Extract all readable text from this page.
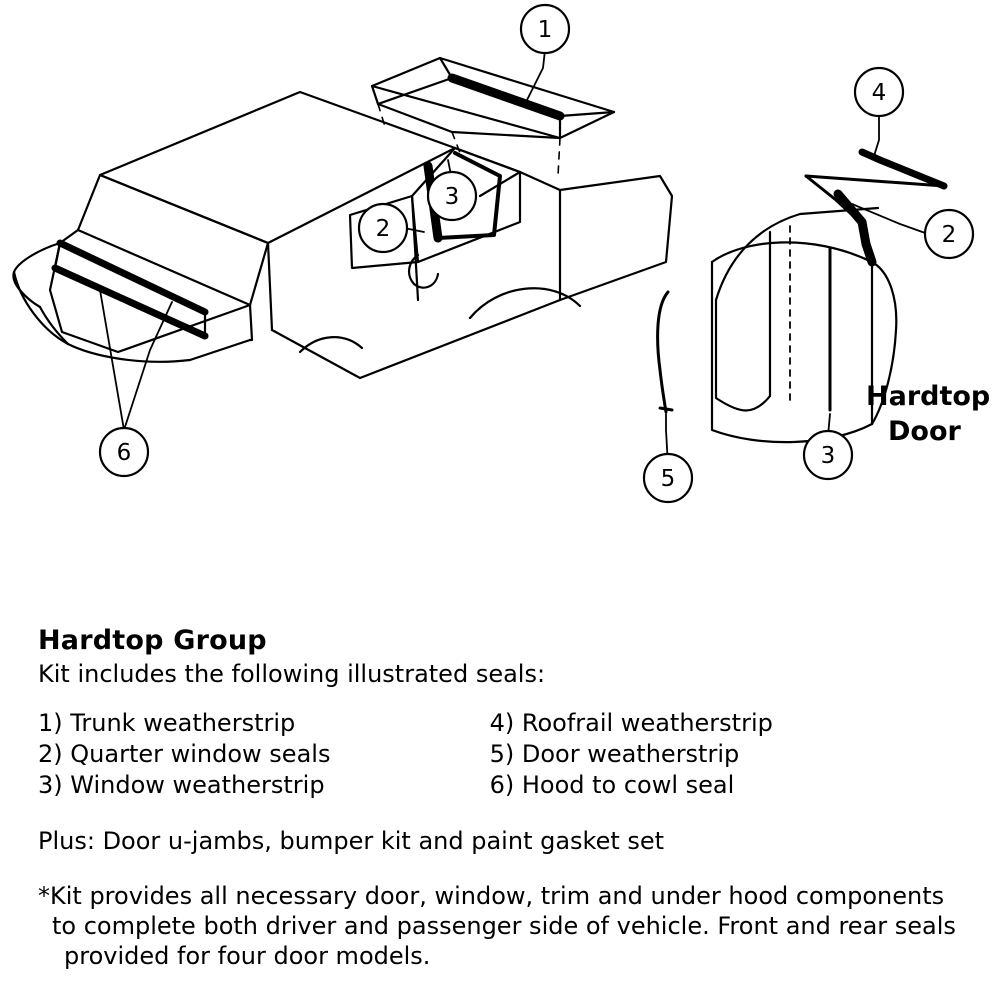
1
2
3
6
4
2
3
5
Hardtop
Door
Hardtop Group
Kit includes the following illustrated seals:
1) Trunk weatherstrip
2) Quarter window seals
3) Window weatherstrip
4) Roofrail weatherstrip
5) Door weatherstrip
6) Hood to cowl seal
Plus: Door u-jambs, bumper kit and paint gasket set
*Kit provides all necessary door, window, trim and under hood components
to complete both driver and passenger side of vehicle. Front and rear seals
provided for four door models.
